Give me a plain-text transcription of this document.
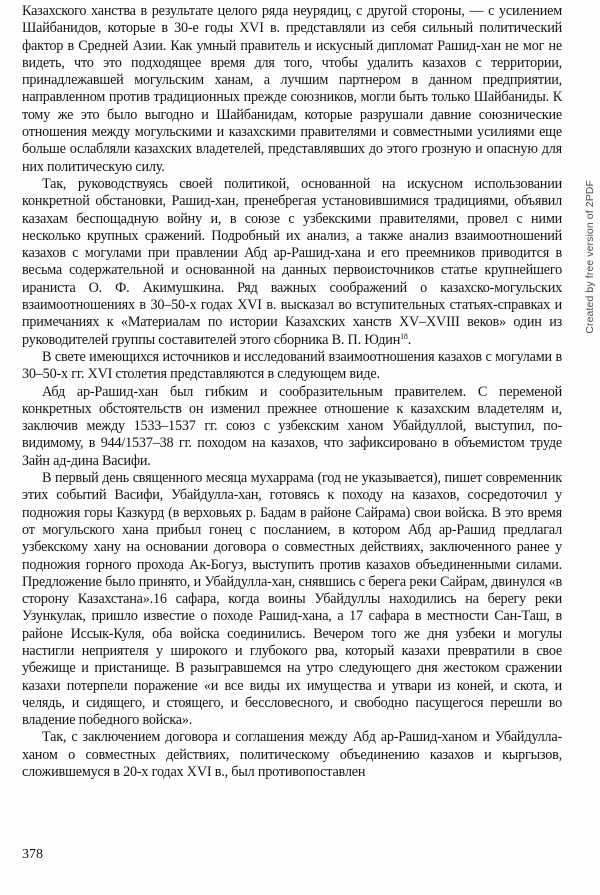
Казахского ханства в результате целого ряда неурядиц, с другой стороны, — с усилением Шайбанидов, которые в 30-е годы XVI в. представляли из себя сильный политический фактор в Средней Азии. Как умный правитель и искусный дипломат Рашид-хан не мог не видеть, что это подходящее время для того, чтобы удалить казахов с территории, принадлежавшей могульским ханам, а лучшим партнером в данном предприятии, направленном против традиционных прежде союзников, могли быть только Шайбаниды. К тому же это было выгодно и Шайбанидам, которые разрушали давние союзнические отношения между могульскими и казахскими правителями и совместными усилиями еще больше ослабляли казахских владетелей, представлявших до этого грозную и опасную для них политическую силу.

Так, руководствуясь своей политикой, основанной на искусном использовании конкретной обстановки, Рашид-хан, пренебрегая установившимися традициями, объявил казахам беспощадную войну и, в союзе с узбекскими правителями, провел с ними несколько крупных сражений. Подробный их анализ, а также анализ взаимоотношений казахов с могулами при правлении Абд ар-Рашид-хана и его преемников приводится в весьма содержательной и основанной на данных первоисточников статье крупнейшего ираниста О. Ф. Акимушкина. Ряд важных соображений о казахско-могульских взаимоотношениях в 30–50-х годах XVI в. высказал во вступительных статьях-справках и примечаниях к «Материалам по истории Казахских ханств XV–XVIII веков» один из руководителей группы составителей этого сборника В. П. Юдин$^{18}$.

В свете имеющихся источников и исследований взаимоотношения казахов с могулами в 30–50-х гг. XVI столетия представляются в следующем виде.

Абд ар-Рашид-хан был гибким и сообразительным правителем. С переменой конкретных обстоятельств он изменил прежнее отношение к казахским владетелям и, заключив между 1533–1537 гг. союз с узбекским ханом Убайдуллой, выступил, по-видимому, в 944/1537–38 гг. походом на казахов, что зафиксировано в объемистом труде Зайн ад-дина Васифи.

В первый день священного месяца мухаррама (год не указывается), пишет современник этих событий Васифи, Убайдулла-хан, готовясь к походу на казахов, сосредоточил у подножия горы Казкурд (в верховьях р. Бадам в районе Сайрама) свои войска. В это время от могульского хана прибыл гонец с посланием, в котором Абд ар-Рашид предлагал узбекскому хану на основании договора о совместных действиях, заключенного ранее у подножия горного прохода Ак-Богуз, выступить против казахов объединенными силами. Предложение было принято, и Убайдулла-хан, снявшись с берега реки Сайрам, двинулся «в сторону Казахстана».16 сафара, когда воины Убайдуллы находились на берегу реки Узункулак, пришло известие о походе Рашид-хана, а 17 сафара в местности Сан-Таш, в районе Иссык-Куля, оба войска соединились. Вечером того же дня узбеки и могулы настигли неприятеля у широкого и глубокого рва, который казахи превратили в свое убежище и пристанище. В разыгравшемся на утро следующего дня жестоком сражении казахи потерпели поражение «и все виды их имущества и утвари из коней, и скота, и челядь, и сидящего, и стоящего, и бессловесного, и свободно пасущегося перешли во владение победного войска».

Так, с заключением договора и соглашения между Абд ар-Рашид-ханом и Убайдулла-ханом о совместных действиях, политическому объединению казахов и кыргызов, сложившемуся в 20-х годах XVI в., был противопоставлен

Created by free version of 2PDF
378
